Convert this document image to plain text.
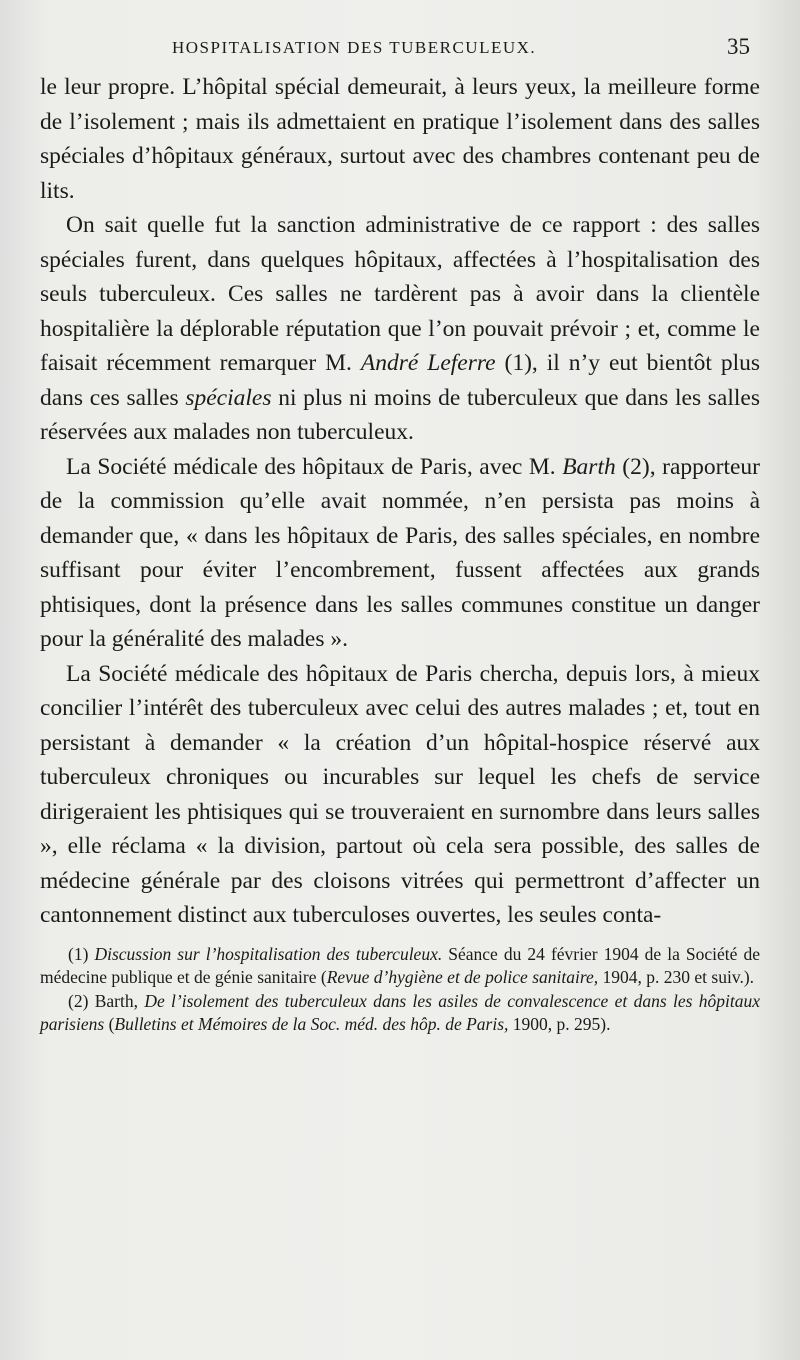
HOSPITALISATION DES TUBERCULEUX.	35

le leur propre. L’hôpital spécial demeurait, à leurs yeux, la meilleure forme de l’isolement ; mais ils admettaient en pratique l’isolement dans des salles spéciales d’hôpitaux généraux, surtout avec des chambres contenant peu de lits.

On sait quelle fut la sanction administrative de ce rapport : des salles spéciales furent, dans quelques hôpitaux, affectées à l’hospitalisation des seuls tuberculeux. Ces salles ne tardèrent pas à avoir dans la clientèle hospitalière la déplorable réputation que l’on pouvait prévoir ; et, comme le faisait récemment remarquer M. André Leferre (1), il n’y eut bientôt plus dans ces salles spéciales ni plus ni moins de tuberculeux que dans les salles réservées aux malades non tuberculeux.

La Société médicale des hôpitaux de Paris, avec M. Barth (2), rapporteur de la commission qu’elle avait nommée, n’en persista pas moins à demander que, « dans les hôpitaux de Paris, des salles spéciales, en nombre suffisant pour éviter l’encombrement, fussent affectées aux grands phtisiques, dont la présence dans les salles communes constitue un danger pour la généralité des malades ».

La Société médicale des hôpitaux de Paris chercha, depuis lors, à mieux concilier l’intérêt des tuberculeux avec celui des autres malades ; et, tout en persistant à demander « la création d’un hôpital-hospice réservé aux tuberculeux chroniques ou incurables sur lequel les chefs de service dirigeraient les phtisiques qui se trouveraient en surnombre dans leurs salles », elle réclama « la division, partout où cela sera possible, des salles de médecine générale par des cloisons vitrées qui permettront d’affecter un cantonnement distinct aux tuberculoses ouvertes, les seules conta-

(1) Discussion sur l’hospitalisation des tuberculeux. Séance du 24 février 1904 de la Société de médecine publique et de génie sanitaire (Revue d’hygiène et de police sanitaire, 1904, p. 230 et suiv.).

(2) Barth, De l’isolement des tuberculeux dans les asiles de convalescence et dans les hôpitaux parisiens (Bulletins et Mémoires de la Soc. méd. des hôp. de Paris, 1900, p. 295).
